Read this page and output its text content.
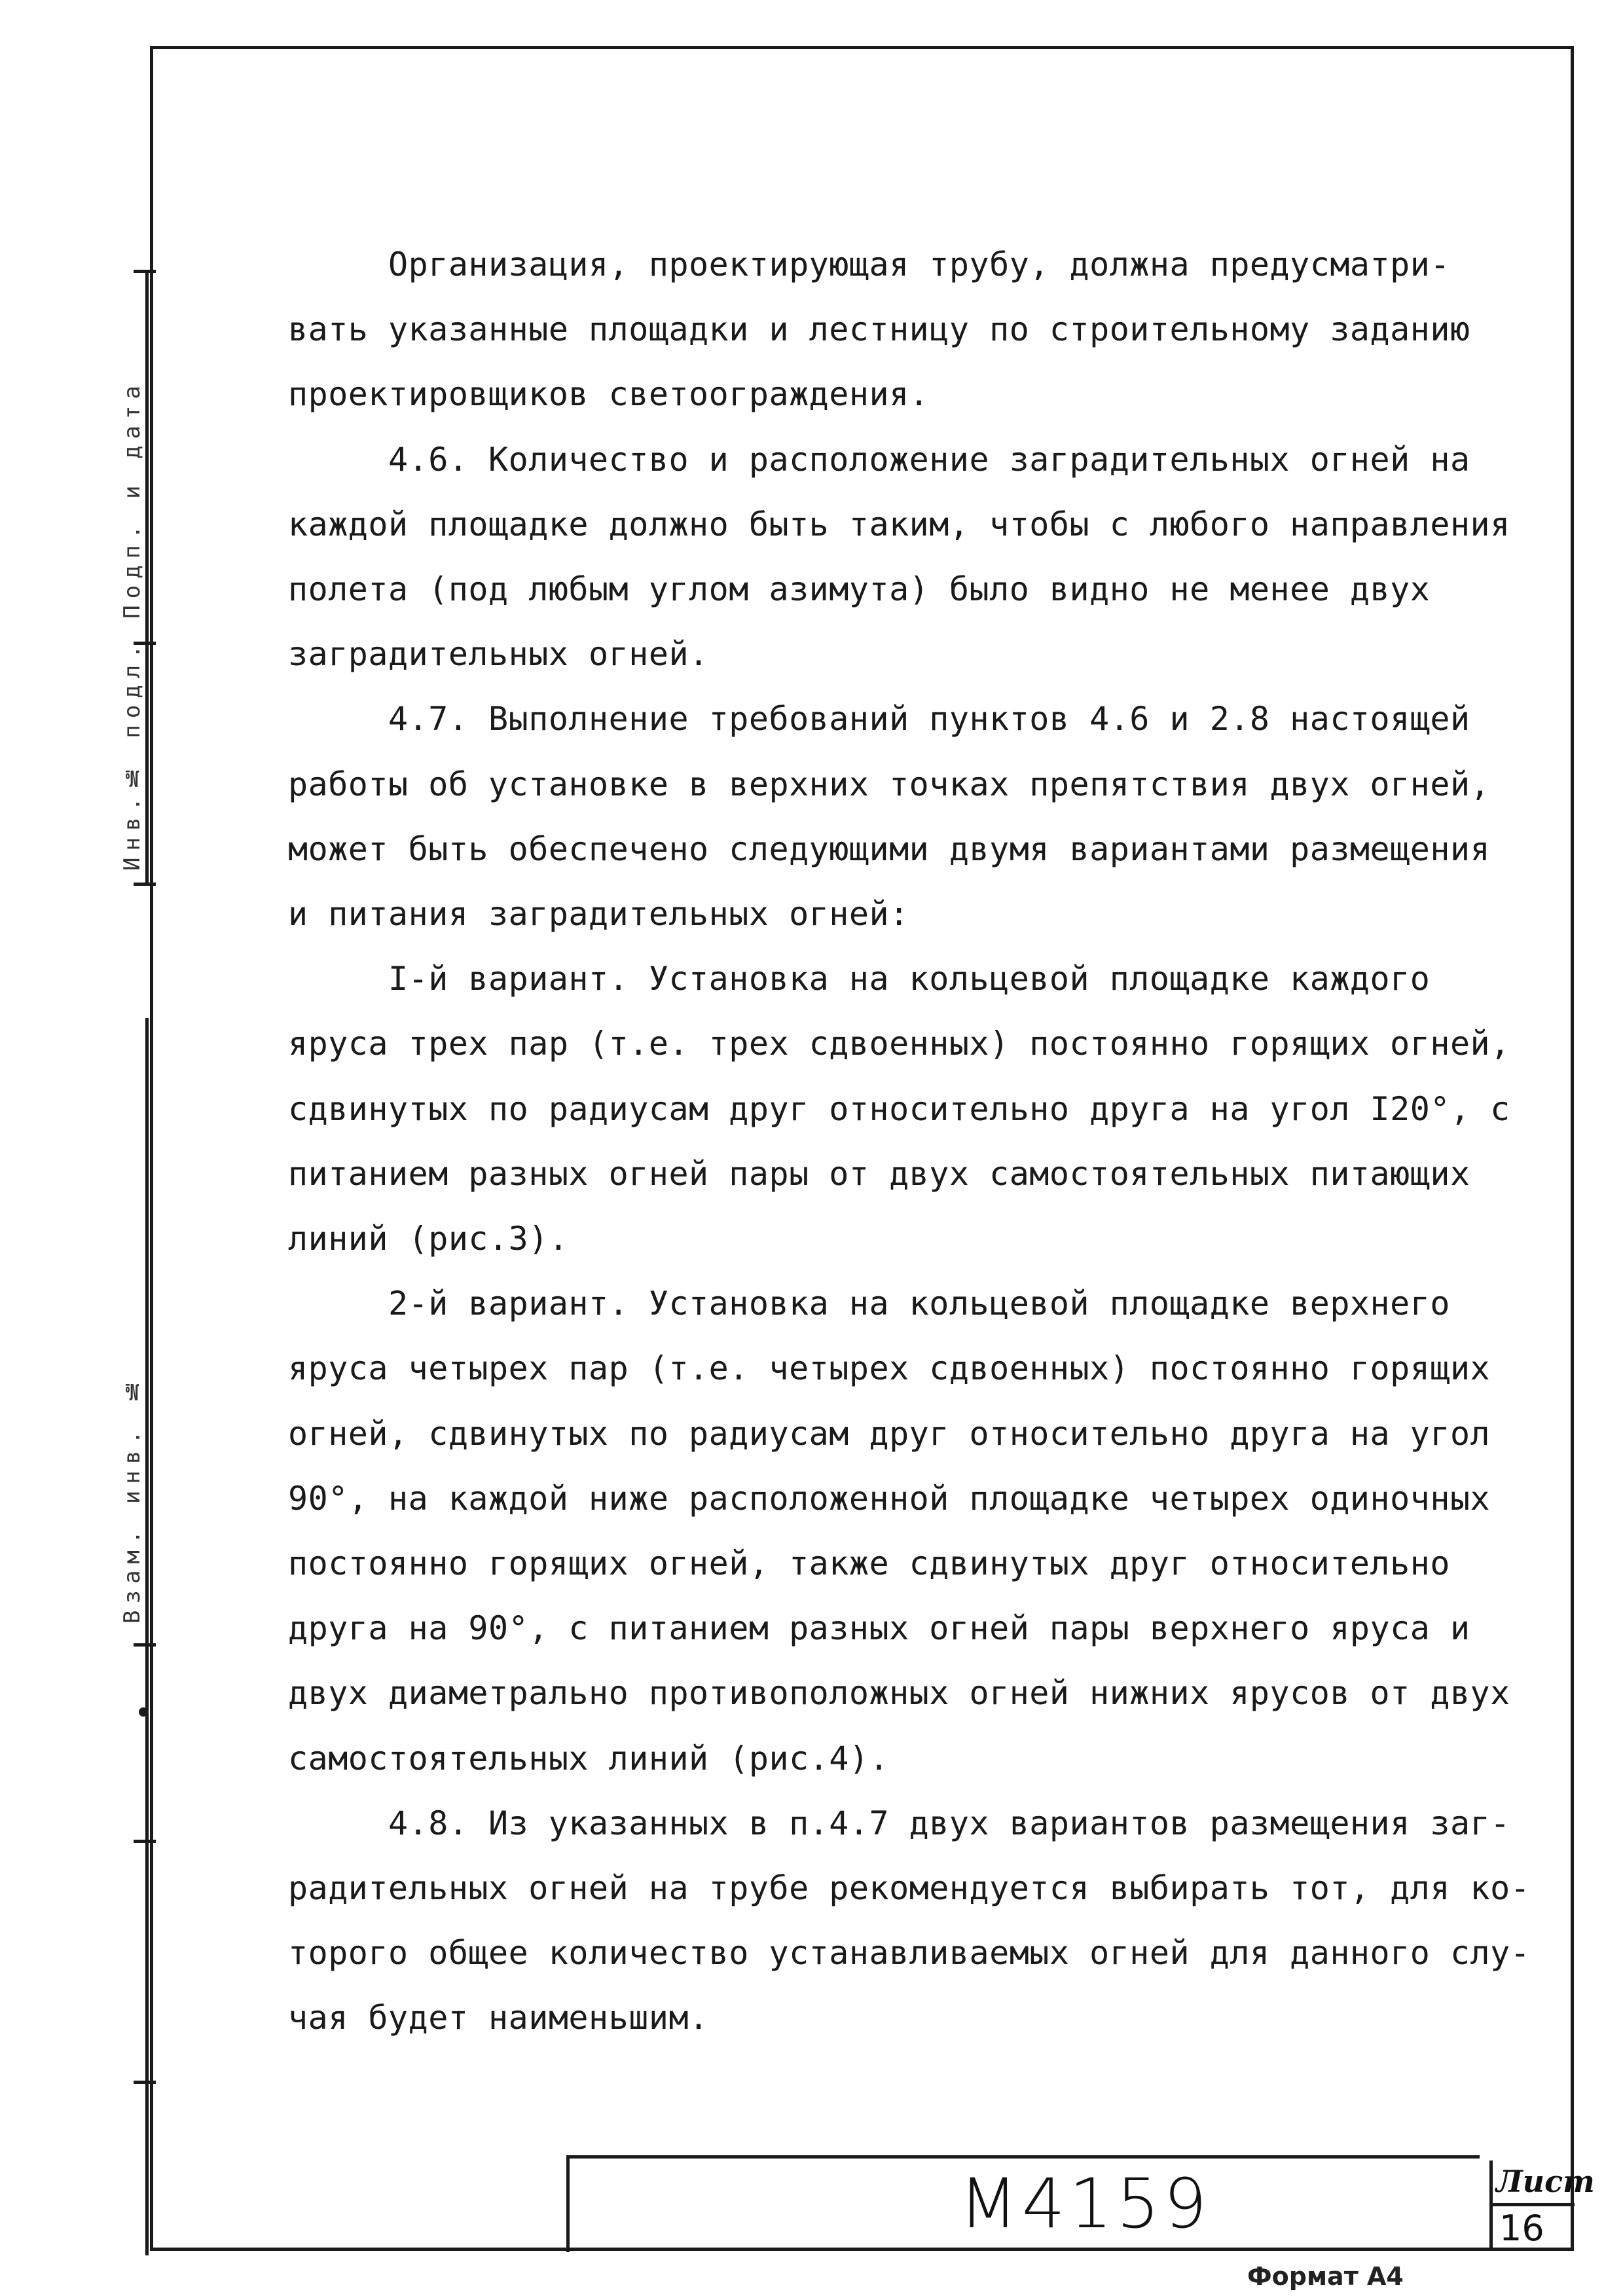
Инв.№ подл. Подп. и дата
Взам. инв. №

Организация, проектирующая трубу, должна предусматри-

вать указанные площадки и лестницу по строительному заданию

проектировщиков светоограждения.

4.6. Количество и расположение заградительных огней на

каждой площадке должно быть таким, чтобы с любого направления

полета (под любым углом азимута) было видно не менее двух

заградительных огней.

4.7. Выполнение требований пунктов 4.6 и 2.8 настоящей

работы об установке в верхних точках препятствия двух огней,

может быть обеспечено следующими двумя вариантами размещения

и питания заградительных огней:

I-й вариант. Установка на кольцевой площадке каждого

яруса трех пар (т.е. трех сдвоенных) постоянно горящих огней,

сдвинутых по радиусам друг относительно друга на угол I20°, с

питанием разных огней пары от двух самостоятельных питающих

линий (рис.3).

2-й вариант. Установка на кольцевой площадке верхнего

яруса четырех пар (т.е. четырех сдвоенных) постоянно горящих

огней, сдвинутых по радиусам друг относительно друга на угол

90°, на каждой ниже расположенной площадке четырех одиночных

постоянно горящих огней, также сдвинутых друг относительно

друга на 90°, с питанием разных огней пары верхнего яруса и

двух диаметрально противоположных огней нижних ярусов от двух

самостоятельных линий (рис.4).

4.8. Из указанных в п.4.7 двух вариантов размещения заг-

радительных огней на трубе рекомендуется выбирать тот, для ко-

торого общее количество устанавливаемых огней для данного слу-

чая будет наименьшим.

M4159	Лист
16
Формат А4
